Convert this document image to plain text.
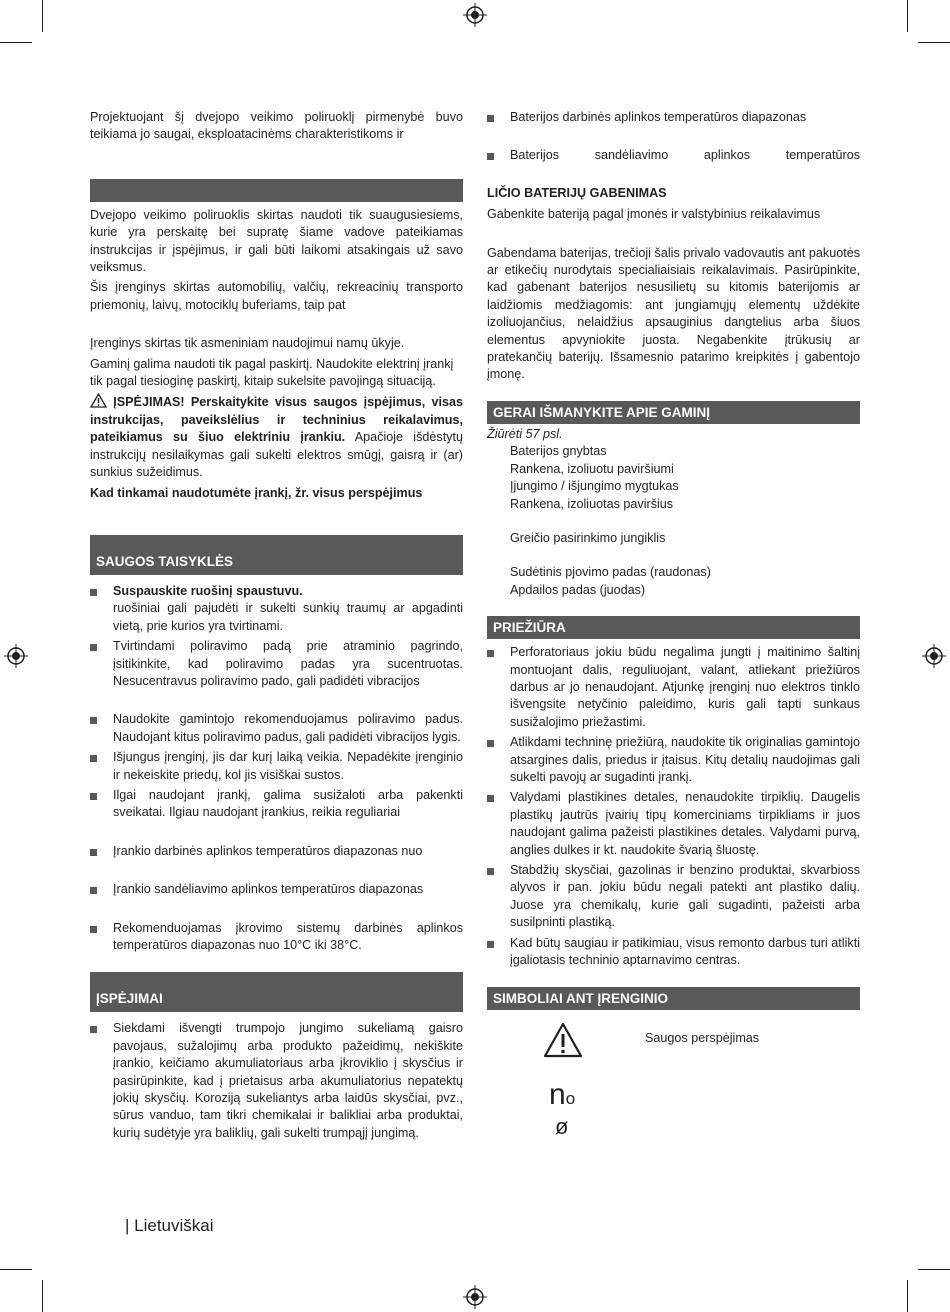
Projektuojant šį dvejopo veikimo poliruoklį pirmenybė buvo teikiama jo saugai, eksploatacinėms charakteristikoms ir

Dvejopo veikimo poliruoklis skirtas naudoti tik suaugusiesiems, kurie yra perskaitę bei supratę šiame vadove pateikiamas instrukcijas ir įspėjimus, ir gali būti laikomi atsakingais už savo veiksmus.

Šis įrenginys skirtas automobilių, valčių, rekreacinių transporto priemonių, laivų, motociklų buferiams, taip pat

Įrenginys skirtas tik asmeniniam naudojimui namų ūkyje.

Gaminį galima naudoti tik pagal paskirtį. Naudokite elektrinį įrankį tik pagal tiesioginę paskirtį, kitaip sukelsite pavojingą situaciją.

ĮSPĖJIMAS! Perskaitykite visus saugos įspėjimus, visas instrukcijas, paveikslėlius ir techninius reikalavimus, pateikiamus su šiuo elektriniu įrankiu. Apačioje išdėstytų instrukcijų nesilaikymas gali sukelti elektros smūgį, gaisrą ir (ar) sunkius sužeidimus.

Kad tinkamai naudotumėte įrankį, žr. visus perspėjimus

SAUGOS TAISYKLĖS
Suspauskite ruošinį spaustuvu.
ruošiniai gali pajudėti ir sukelti sunkių traumų ar apgadinti vietą, prie kurios yra tvirtinami.
Tvirtindami poliravimo padą prie atraminio pagrindo, įsitikinkite, kad poliravimo padas yra sucentruotas. Nesucentravus poliravimo pado, gali padidėti vibracijos
Naudokite gamintojo rekomenduojamus poliravimo padus. Naudojant kitus poliravimo padus, gali padidėti vibracijos lygis.
Išjungus įrenginį, jis dar kurį laiką veikia. Nepadėkite įrenginio ir nekeiskite priedų, kol jis visiškai sustos.
Ilgai naudojant įrankį, galima susižaloti arba pakenkti sveikatai. Ilgiau naudojant įrankius, reikia reguliariai
Įrankio darbinės aplinkos temperatūros diapazonas nuo
Įrankio sandėliavimo aplinkos temperatūros diapazonas
Rekomenduojamas įkrovimo sistemų darbinės aplinkos temperatūros diapazonas nuo 10°C iki 38°C.
ĮSPĖJIMAI
Siekdami išvengti trumpojo jungimo sukeliamą gaisro pavojaus, sužalojimų arba produkto pažeidimų, nekiškite įrankio, keičiamo akumuliatoriaus arba įkroviklio į skysčius ir pasirūpinkite, kad į prietaisus arba akumuliatorius nepatektų jokių skysčių. Koroziją sukeliantys arba laidūs skysčiai, pvz., sūrus vanduo, tam tikri chemikalai ir balikliai arba produktai, kurių sudėtyje yra baliklių, gali sukelti trumpąjį jungimą.
Baterijos darbinės aplinkos temperatūros diapazonas
Baterijos sandėliavimo aplinkos temperatūros

LIČIO BATERIJŲ GABENIMAS

Gabenkite bateriją pagal įmonės ir valstybinius reikalavimus

Gabendama baterijas, trečioji šalis privalo vadovautis ant pakuotės ar etikečių nurodytais specialiaisiais reikalavimais. Pasirūpinkite, kad gabenant baterijos nesusilietų su kitomis baterijomis ar laidžiomis medžiagomis: ant jungiamųjų elementų uždėkite izoliuojančius, nelaidžius apsauginius dangtelius arba šiuos elementus apvyniokite juosta. Negabenkite įtrūkusių ar pratekančių baterijų. Išsamesnio patarimo kreipkitės į gabentojo įmonę.

GERAI IŠMANYKITE APIE GAMINĮ

Žiūrėti 57 psl.

Baterijos gnybtas

Rankena, izoliuotu paviršiumi

Įjungimo / išjungimo mygtukas

Rankena, izoliuotas paviršius

Greičio pasirinkimo jungiklis

Sudėtinis pjovimo padas (raudonas)

Apdailos padas (juodas)

PRIEŽIŪRA
Perforatoriaus jokiu būdu negalima jungti į maitinimo šaltinį montuojant dalis, reguliuojant, valant, atliekant priežiūros darbus ar jo nenaudojant. Atjunkę įrenginį nuo elektros tinklo išvengsite netyčinio paleidimo, kuris gali tapti sunkaus susižalojimo priežastimi.
Atlikdami techninę priežiūrą, naudokite tik originalias gamintojo atsargines dalis, priedus ir įtaisus. Kitų detalių naudojimas gali sukelti pavojų ar sugadinti įrankį.
Valydami plastikines detales, nenaudokite tirpiklių. Daugelis plastikų jautrūs įvairių tipų komerciniams tirpikliams ir juos naudojant galima pažeisti plastikines detales. Valydami purvą, anglies dulkes ir kt. naudokite švarią šluostę.
Stabdžių skysčiai, gazolinas ir benzino produktai, skvarbioss alyvos ir pan. jokiu būdu negali patekti ant plastiko dalių. Juose yra chemikalų, kurie gali sugadinti, pažeisti arba susilpninti plastiką.
Kad būtų saugiau ir patikimiau, visus remonto darbus turi atlikti įgaliotasis techninio aptarnavimo centras.
SIMBOLIAI ANT ĮRENGINIO
Saugos perspėjimas
no
ø
| Lietuviškai
